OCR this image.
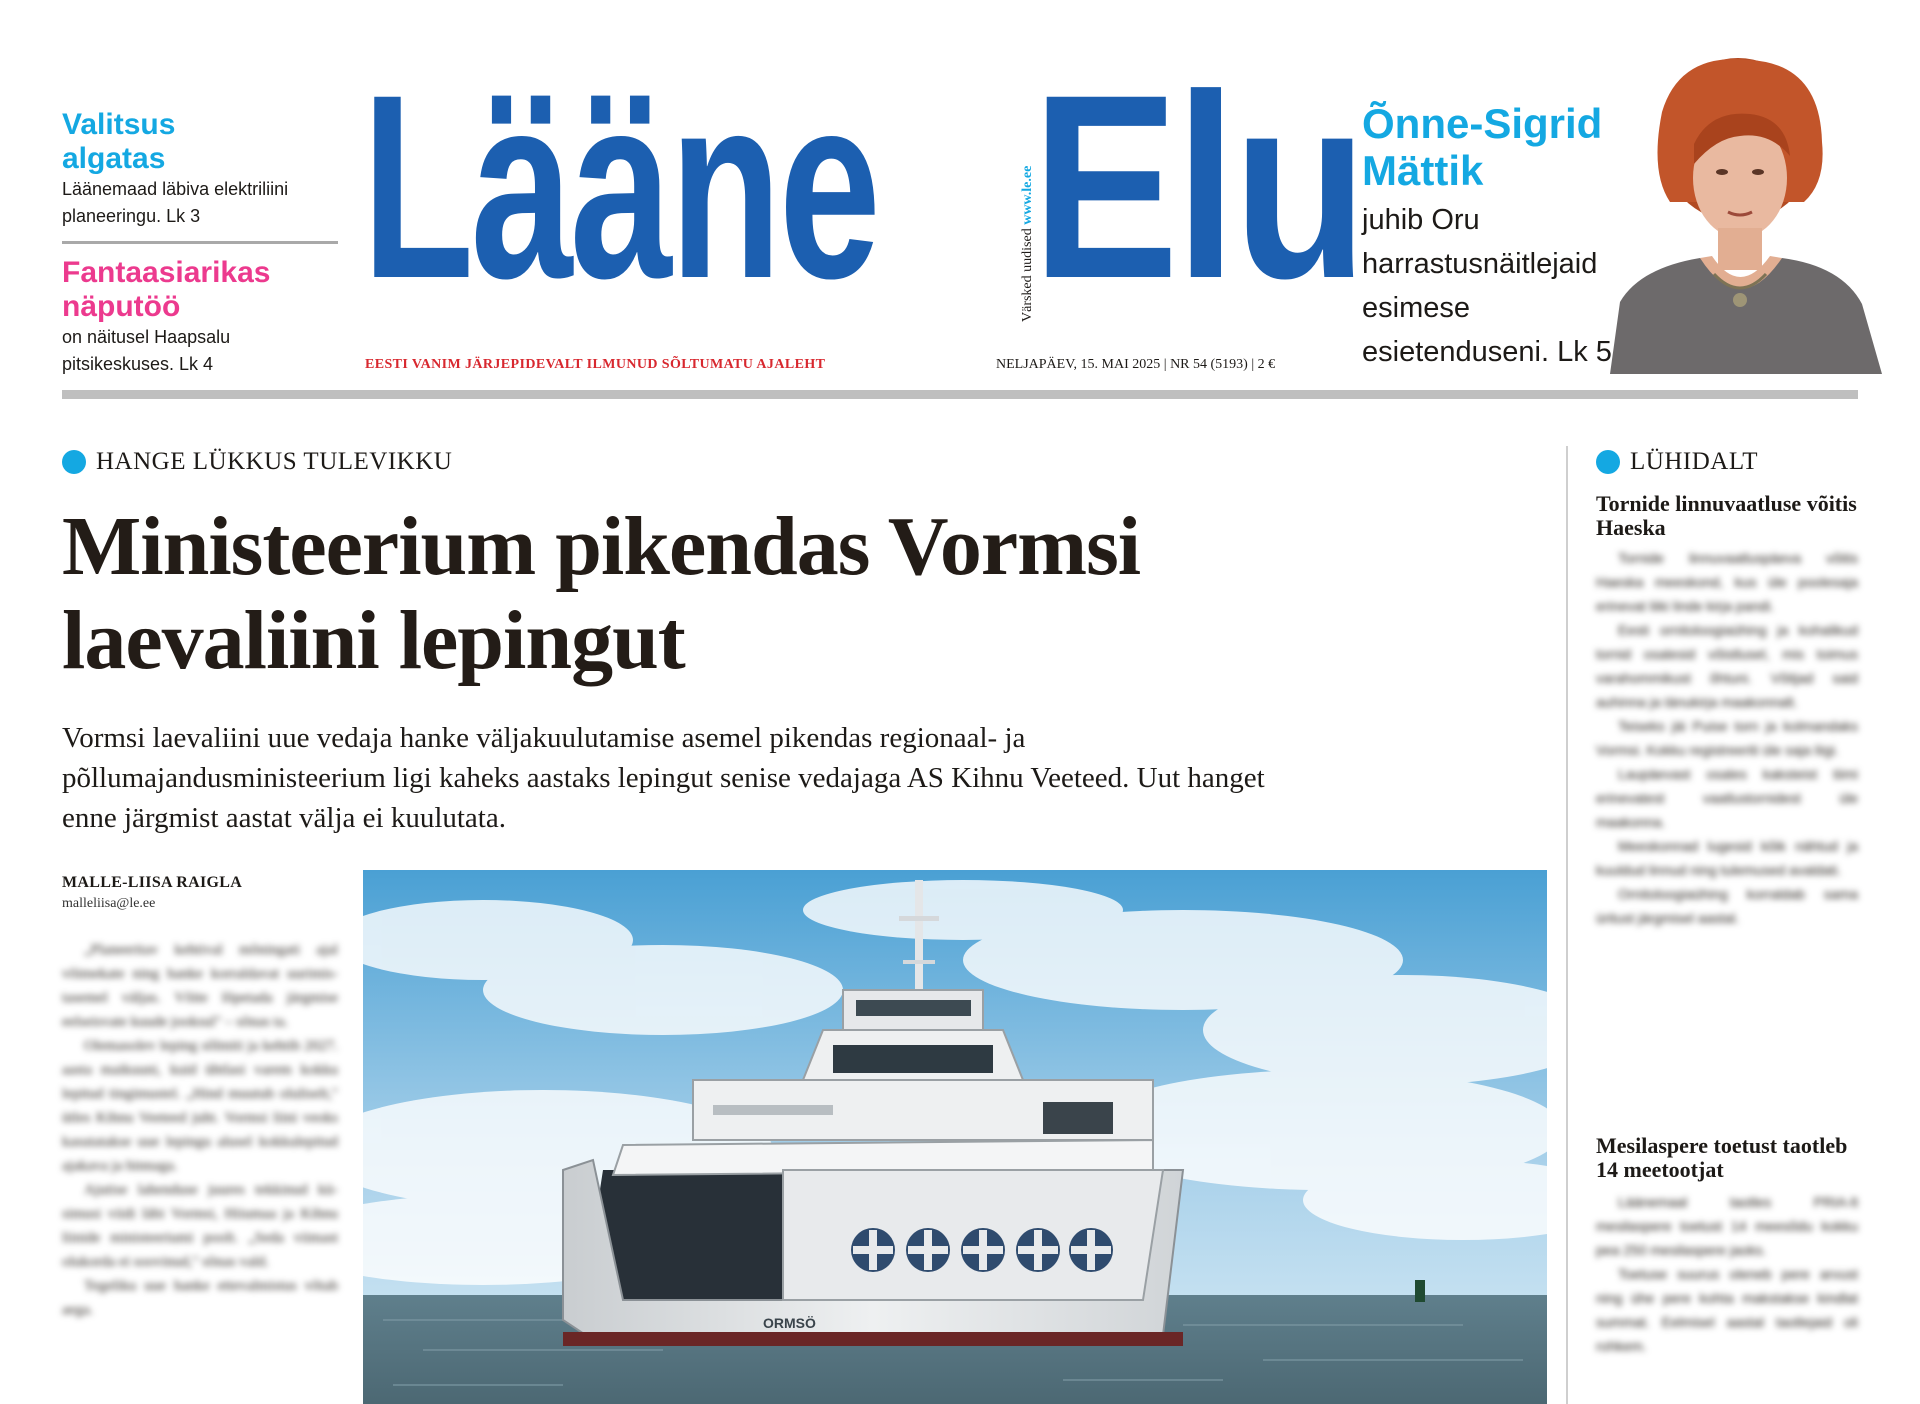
Valitsus algatas
Läänemaad läbiva elektriliini planeeringu. Lk 3
Fantaasiarikas näputöö
on näitusel Haapsalu pitsikeskuses. Lk 4
Lääne	Värsked uudised www.le.ee
Elu
EESTI VANIM JÄRJEPIDEVALT ILMUNUD SÕLTUMATU AJALEHT	NELJAPÄEV, 15. MAI 2025 | NR 54 (5193) | 2 €
Õnne-Sigrid Mättik
juhib Oru harrastusnäitlejaid esimese esietenduseni. Lk 5
HANGE LÜKKUS TULEVIKKU
Ministeerium pikendas Vormsi laevaliini lepingut

Vormsi laevaliini uue vedaja hanke väljakuulutamise asemel pikendas regionaal- ja põllumajandusministeerium ligi kaheks aastaks lepingut senise vedajaga AS Kihnu Veeteed. Uut hanget enne järgmist aastat välja ei kuulutata.

MALLE-LIISA RAIGLA
malleliisa@le.ee

„Planeeritav kehtival mõningati ajal võimekate ning hanke korraldavat uurimistasemel väljas. Võite lõpetada järgmise eelseisvate kuude jooksul" – sõnas ta.

Olemasolev leping sõlmiti ja kehtib 2027. aasta maikuuni, kuid ühtlasi varem kokku lepitud tingimustel. „Hind muutub oluliselt," ütles Kihnu Veeteed juht. Vormsi liini veoks kasutatakse uue lepingu alusel kokkulepitud ajakava ja hinnaga.

Ajutise lahenduse juures tekkinud küsimusi viidi läbi Vormsi, Hiiumaa ja Kihnu liinide ministeeriumi poolt. „Seda viimast olukorda ei soovinud," sõnas vald.

Tegeliku uue hanke ettevalmistus võtab aega.

ORMSÖ
LÜHIDALT
Tornide linnuvaatluse võitis Haeska

Tornide linnuvaatluspäeva võitis Haeska meeskond, kus üle poolesaja erinevat liiki linde kirja pandi.

Eesti ornitoloogiaühing ja kohalikud tornid osalesid võistlusel, mis toimus varahommikust õhtuni. Võitjad said auhinna ja tänukirja maakonnalt.

Teiseks jäi Puise torn ja kolmandaks Vormsi. Kokku registreeriti üle saja liigi.

Laupäevast osales kaksteist tiimi erinevatest vaatlustornidest üle maakonna.

Meeskonnad lugesid kõik nähtud ja kuuldud linnud ning tulemused avaldati.

Ornitoloogiaühing korraldab sama üritust järgmisel aastal.

Mesilaspere toetust taotleb 14 meetootjat

Läänemaal taotles PRIA-lt mesilaspere toetust 14 meesõdu kokku pea 250 mesilaspere jaoks.

Toetuse suurus oleneb pere arvust ning ühe pere kohta makstakse kindlat summat. Eelmisel aastal taotlejaid oli rohkem.
